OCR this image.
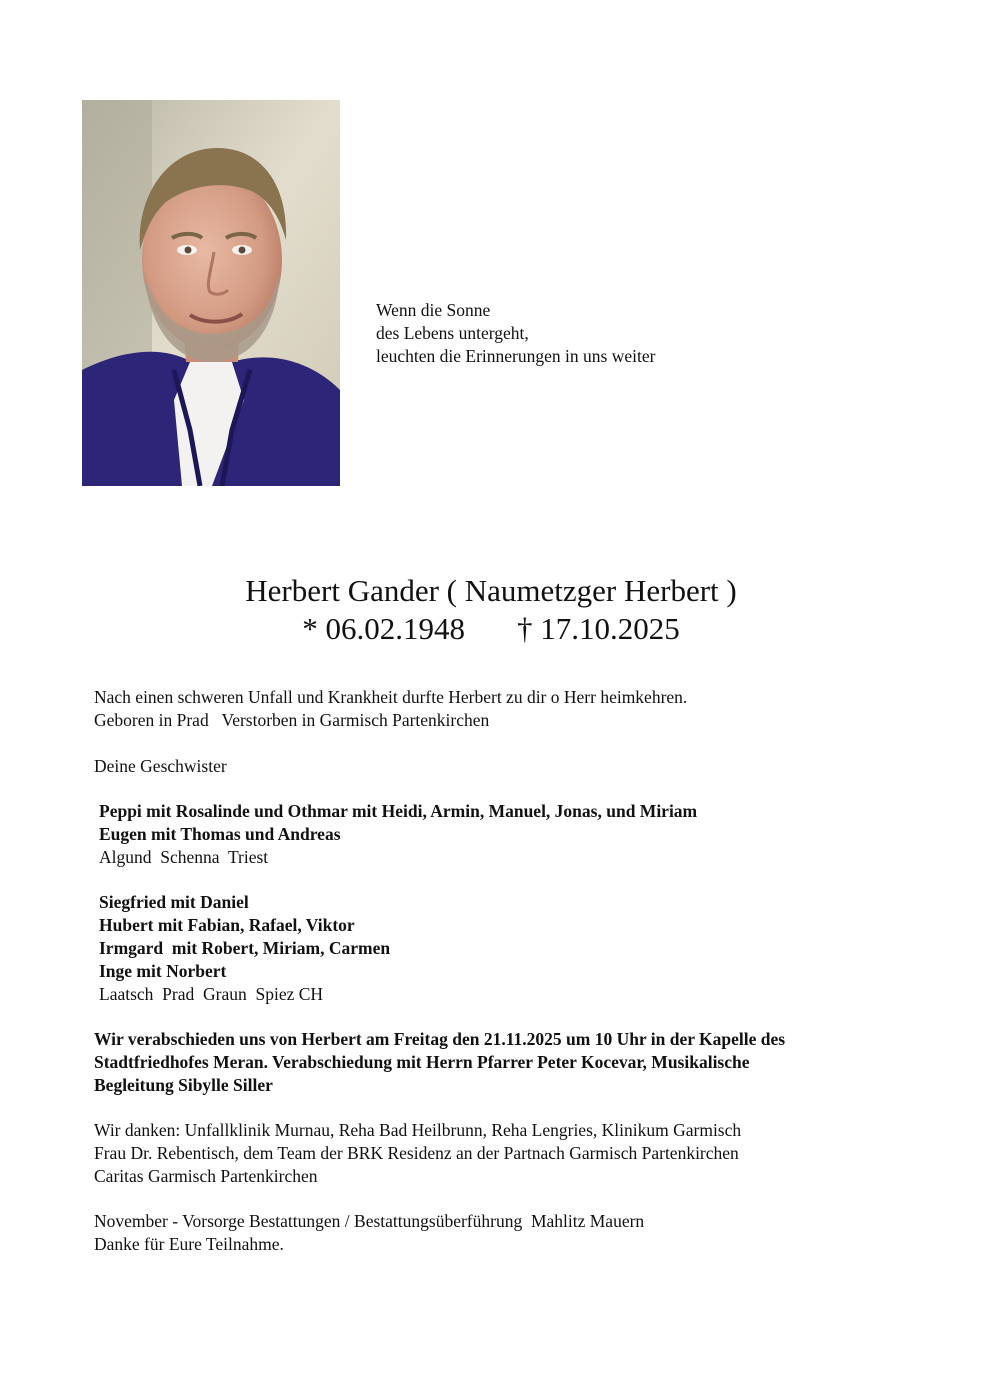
Wenn die Sonne
des Lebens untergeht,
leuchten die Erinnerungen in uns weiter
Herbert Gander ( Naumetzger Herbert )
* 06.02.1948 † 17.10.2025
Nach einen schweren Unfall und Krankheit durfte Herbert zu dir o Herr heimkehren.
Geboren in Prad   Verstorben in Garmisch Partenkirchen
Deine Geschwister
Peppi mit Rosalinde und Othmar mit Heidi, Armin, Manuel, Jonas, und Miriam
Eugen mit Thomas und Andreas
Algund  Schenna  Triest
Siegfried mit Daniel
Hubert mit Fabian, Rafael, Viktor
Irmgard  mit Robert, Miriam, Carmen
Inge mit Norbert
Laatsch  Prad  Graun  Spiez CH
Wir verabschieden uns von Herbert am Freitag den 21.11.2025 um 10 Uhr in der Kapelle des
Stadtfriedhofes Meran. Verabschiedung mit Herrn Pfarrer Peter Kocevar, Musikalische
Begleitung Sibylle Siller
Wir danken: Unfallklinik Murnau, Reha Bad Heilbrunn, Reha Lengries, Klinikum Garmisch
Frau Dr. Rebentisch, dem Team der BRK Residenz an der Partnach Garmisch Partenkirchen
Caritas Garmisch Partenkirchen
November - Vorsorge Bestattungen / Bestattungsüberführung  Mahlitz Mauern
Danke für Eure Teilnahme.
